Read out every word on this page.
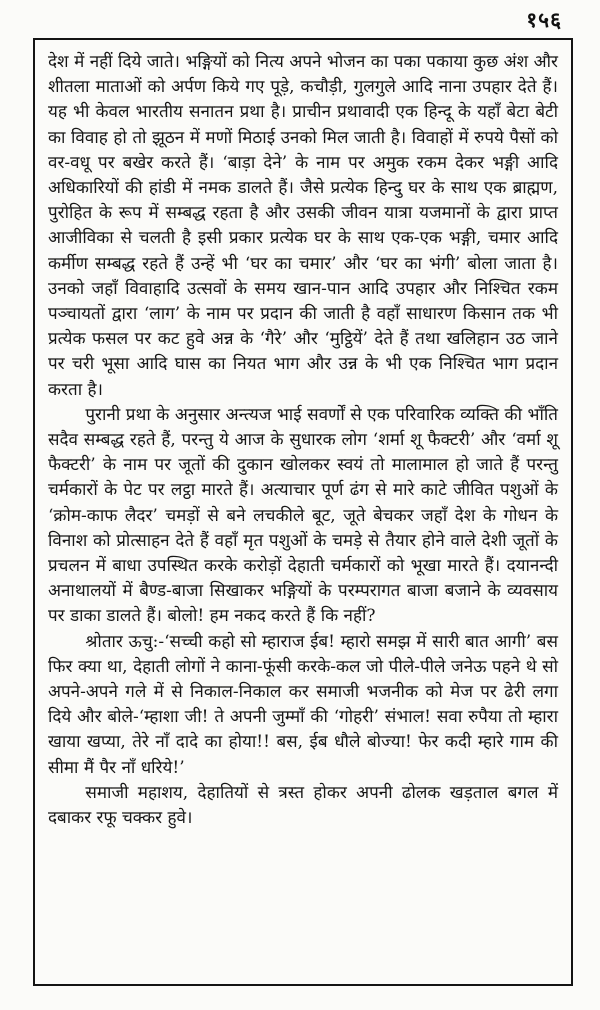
१५६

देश में नहीं दिये जाते। भङ्गियों को नित्य अपने भोजन का पका पकाया कुछ अंश और शीतला माताओं को अर्पण किये गए पूड़े, कचौड़ी, गुलगुले आदि नाना उपहार देते हैं। यह भी केवल भारतीय सनातन प्रथा है। प्राचीन प्रथावादी एक हिन्दू के यहाँ बेटा बेटी का विवाह हो तो झूठन में मणों मिठाई उनको मिल जाती है। विवाहों में रुपये पैसों को वर-वधू पर बखेर करते हैं। ‘बाड़ा देने’ के नाम पर अमुक रकम देकर भङ्गी आदि अधिकारियों की हांडी में नमक डालते हैं। जैसे प्रत्येक हिन्दु घर के साथ एक ब्राह्मण, पुरोहित के रूप में सम्बद्ध रहता है और उसकी जीवन यात्रा यजमानों के द्वारा प्राप्त आजीविका से चलती है इसी प्रकार प्रत्येक घर के साथ एक-एक भङ्गी, चमार आदि कर्मीण सम्बद्ध रहते हैं उन्हें भी ‘घर का चमार’ और ‘घर का भंगी’ बोला जाता है। उनको जहाँ विवाहादि उत्सवों के समय खान-पान आदि उपहार और निश्चित रकम पञ्चायतों द्वारा ‘लाग’ के नाम पर प्रदान की जाती है वहाँ साधारण किसान तक भी प्रत्येक फसल पर कट हुवे अन्न के ‘गैरे’ और ‘मुट्ठियें’ देते हैं तथा खलिहान उठ जाने पर चरी भूसा आदि घास का नियत भाग और उन्न के भी एक निश्चित भाग प्रदान करता है।

पुरानी प्रथा के अनुसार अन्त्यज भाई सवर्णों से एक परिवारिक व्यक्ति की भाँति सदैव सम्बद्ध रहते हैं, परन्तु ये आज के सुधारक लोग ‘शर्मा शू फैक्टरी’ और ‘वर्मा शू फैक्टरी’ के नाम पर जूतों की दुकान खोलकर स्वयं तो मालामाल हो जाते हैं परन्तु चर्मकारों के पेट पर लट्ठा मारते हैं। अत्याचार पूर्ण ढंग से मारे काटे जीवित पशुओं के ‘क्रोम-काफ लैदर’ चमड़ों से बने लचकीले बूट, जूते बेचकर जहाँ देश के गोधन के विनाश को प्रोत्साहन देते हैं वहाँ मृत पशुओं के चमड़े से तैयार होने वाले देशी जूतों के प्रचलन में बाधा उपस्थित करके करोड़ों देहाती चर्मकारों को भूखा मारते हैं। दयानन्दी अनाथालयों में बैण्ड-बाजा सिखाकर भङ्गियों के परम्परागत बाजा बजाने के व्यवसाय पर डाका डालते हैं। बोलो! हम नकद करते हैं कि नहीं?

श्रोतार ऊचु:-‘सच्ची कहो सो म्हाराज ईब! म्हारो समझ में सारी बात आगी’ बस फिर क्या था, देहाती लोगों ने काना-फूंसी करके-कल जो पीले-पीले जनेऊ पहने थे सो अपने-अपने गले में से निकाल-निकाल कर समाजी भजनीक को मेज पर ढेरी लगा दिये और बोले-‘म्हाशा जी! ते अपनी जुम्माँ की ‘गोहरी’ संभाल! सवा रुपैया तो म्हारा खाया खप्या, तेरे नाँ दादे का होया!! बस, ईब धौले बोज्या! फेर कदी म्हारे गाम की सीमा मैं पैर नाँ धरिये!’

समाजी महाशय, देहातियों से त्रस्त होकर अपनी ढोलक खड़ताल बगल में दबाकर रफू चक्कर हुवे।
